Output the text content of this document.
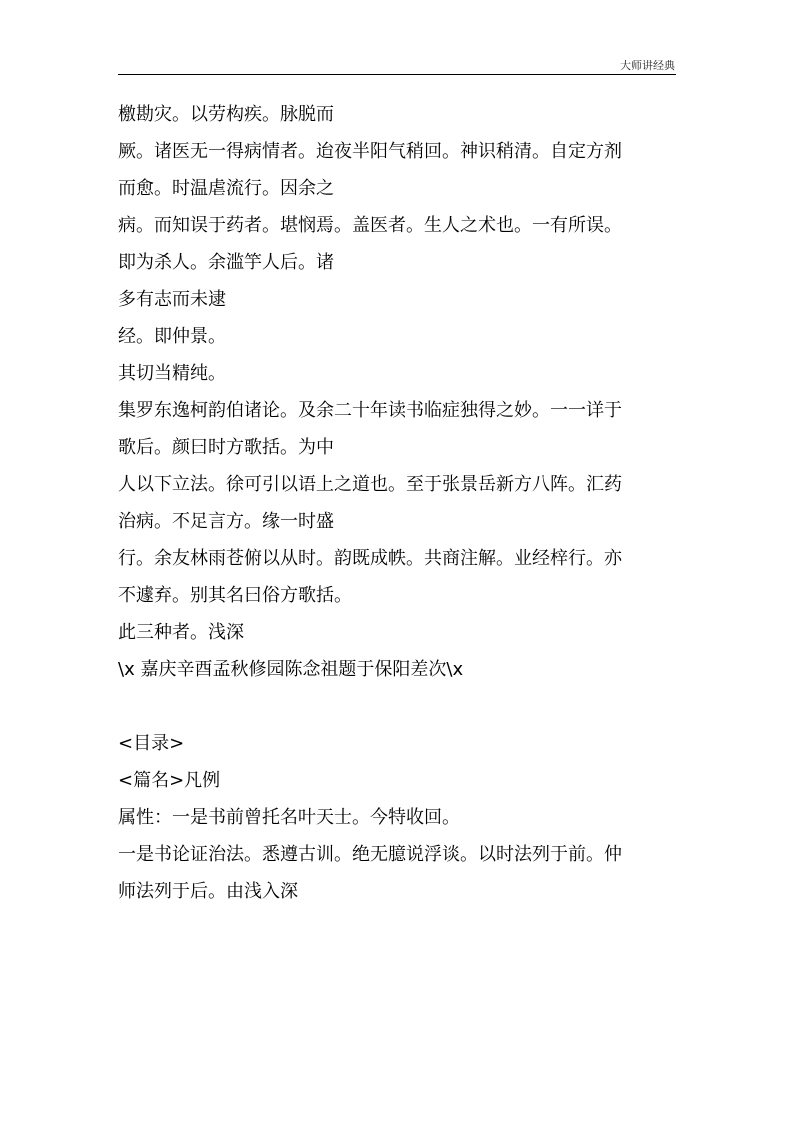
大师讲经典
檄勘灾。以劳构疾。脉脱而
厥。诸医无一得病情者。迨夜半阳气稍回。神识稍清。自定方剂
而愈。时温虐流行。因余之
病。而知误于药者。堪悯焉。盖医者。生人之术也。一有所误。
即为杀人。余滥竽人后。诸
多有志而未逮
经。即仲景。
其切当精纯。
集罗东逸柯韵伯诸论。及余二十年读书临症独得之妙。一一详于
歌后。颜曰时方歌括。为中
人以下立法。徐可引以语上之道也。至于张景岳新方八阵。汇药
治病。不足言方。缘一时盛
行。余友林雨苍俯以从时。韵既成帙。共商注解。业经梓行。亦
不遽弃。别其名曰俗方歌括。
此三种者。浅深
\x 嘉庆辛酉孟秋修园陈念祖题于保阳差次\x
<目录>
<篇名>凡例
属性：一是书前曾托名叶天士。今特收回。
一是书论证治法。悉遵古训。绝无臆说浮谈。以时法列于前。仲
师法列于后。由浅入深
